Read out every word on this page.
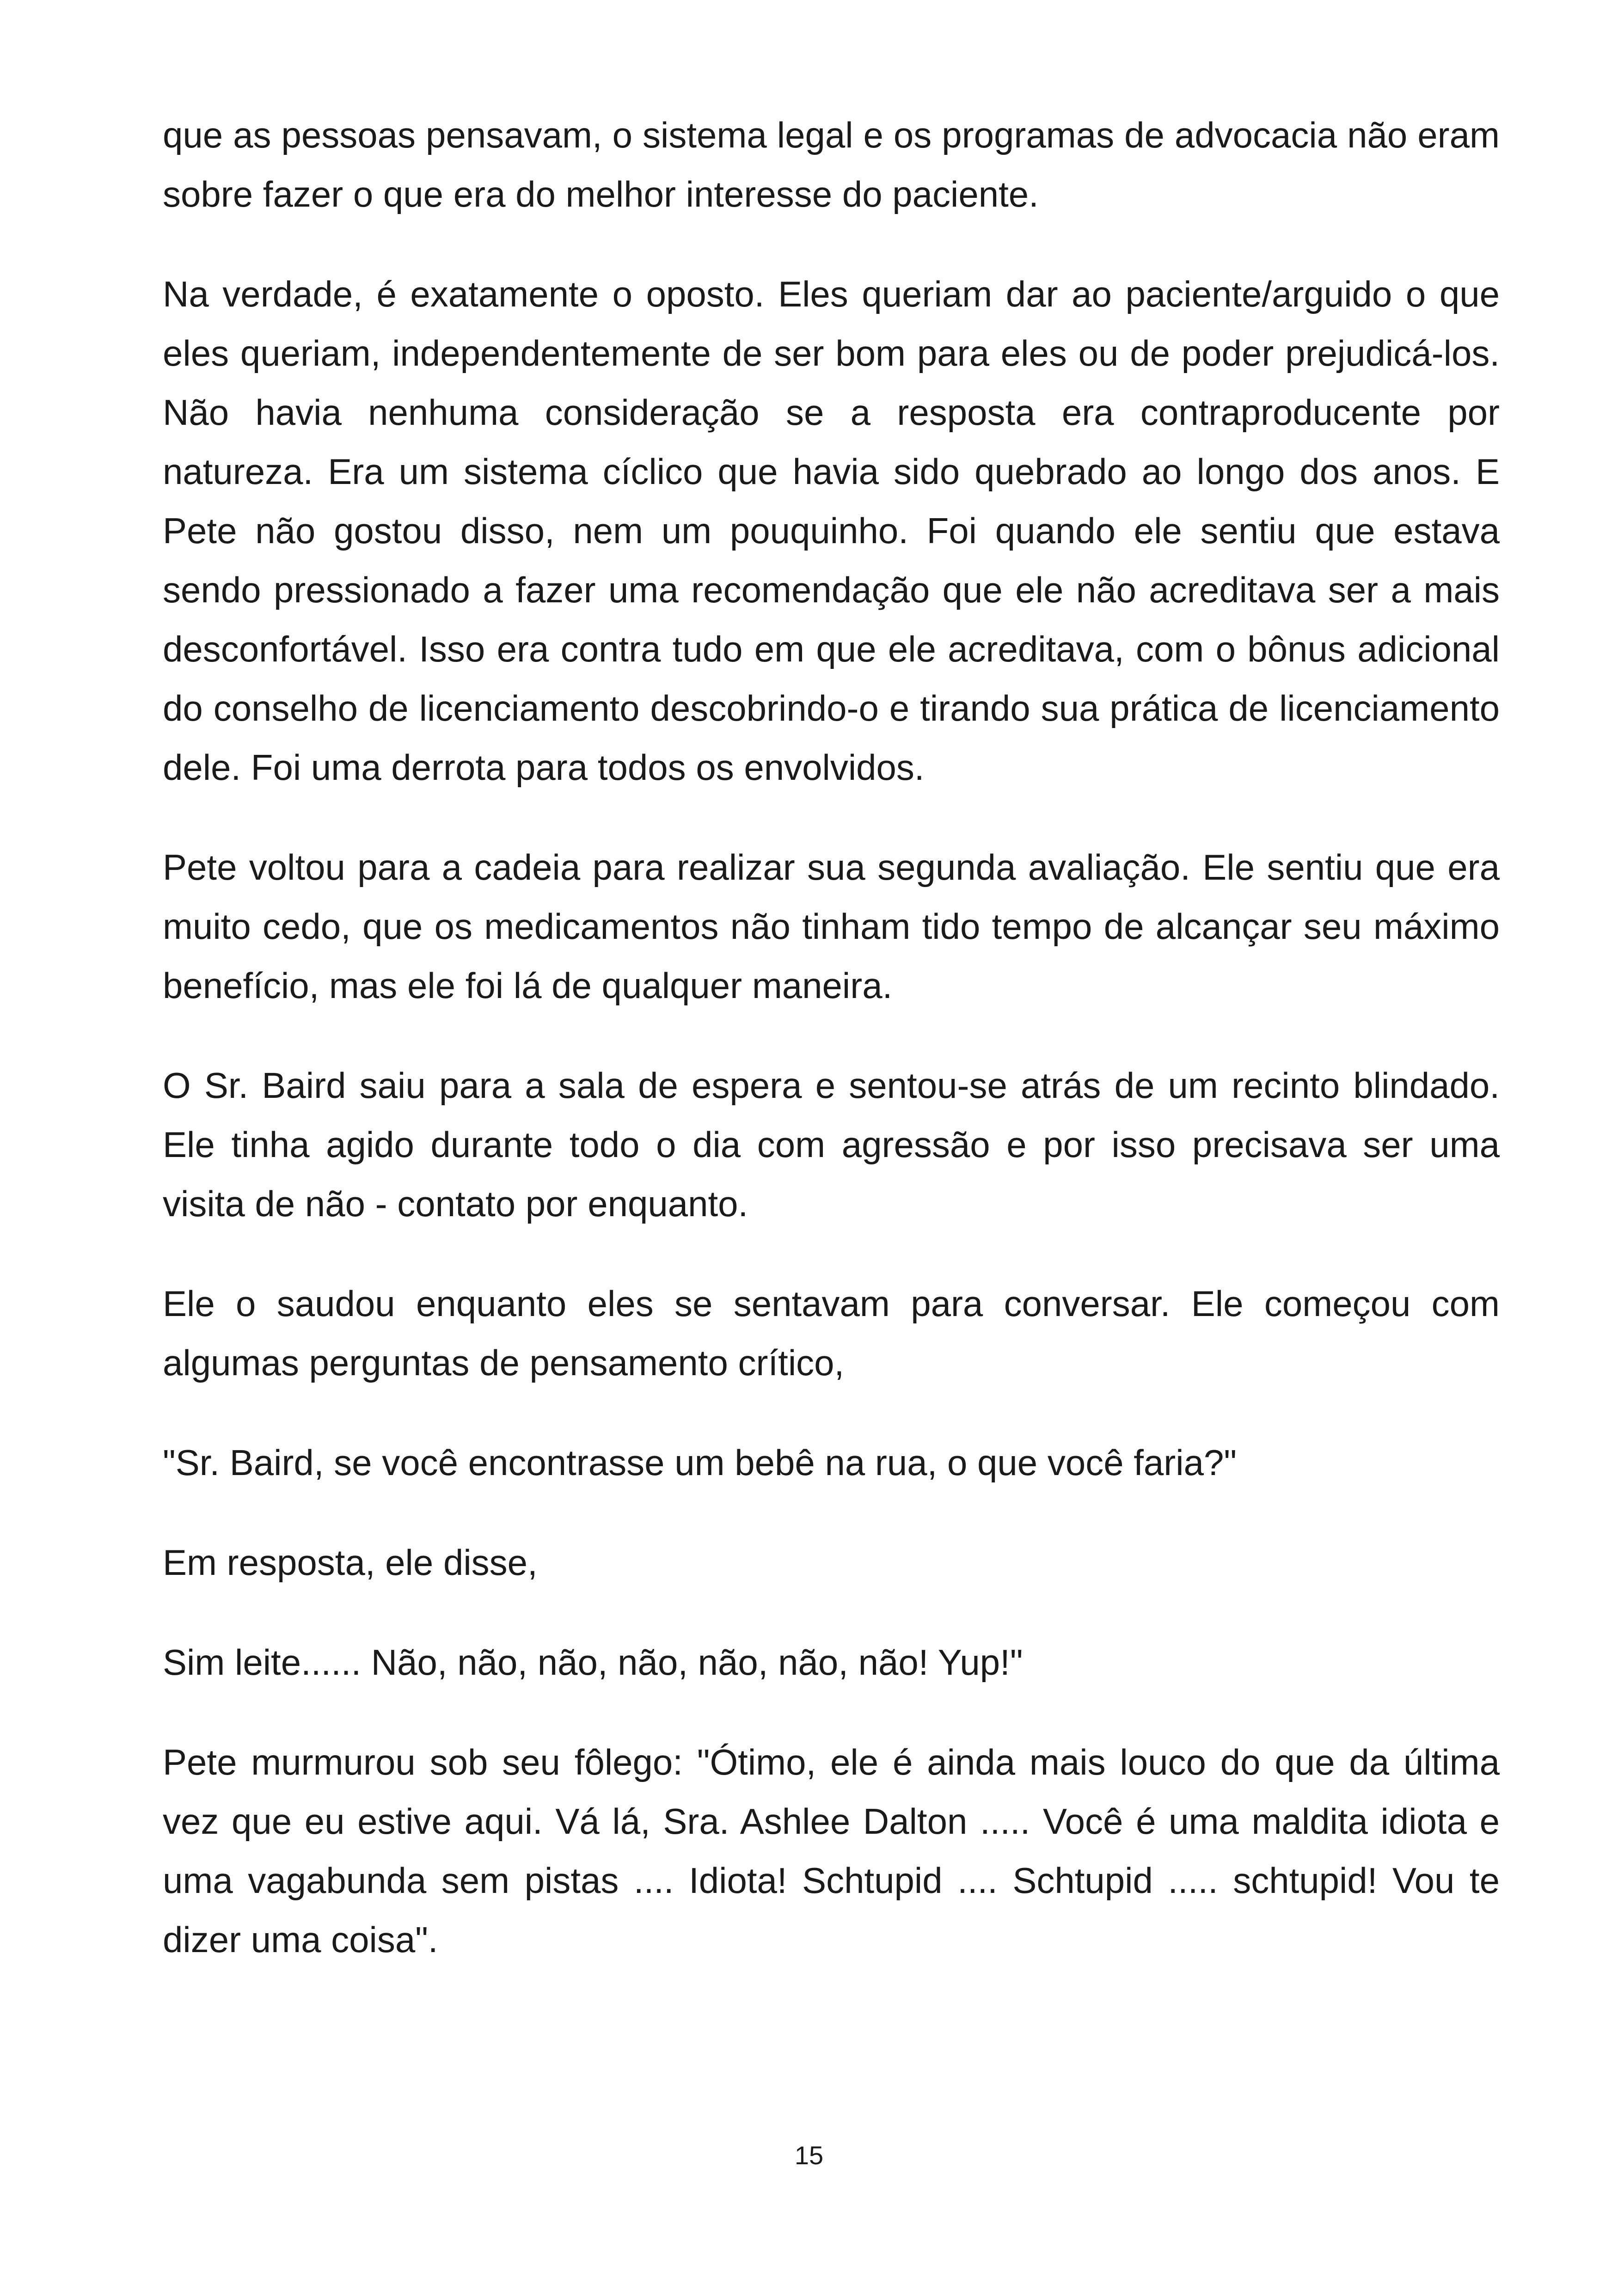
que as pessoas pensavam, o sistema legal e os programas de advocacia não eram sobre fazer o que era do melhor interesse do paciente.

Na verdade, é exatamente o oposto. Eles queriam dar ao paciente/arguido o que eles queriam, independentemente de ser bom para eles ou de poder prejudicá-los. Não havia nenhuma consideração se a resposta era contraproducente por natureza. Era um sistema cíclico que havia sido quebrado ao longo dos anos. E Pete não gostou disso, nem um pouquinho. Foi quando ele sentiu que estava sendo pressionado a fazer uma recomendação que ele não acreditava ser a mais desconfortável. Isso era contra tudo em que ele acreditava, com o bônus adicional do conselho de licenciamento descobrindo-o e tirando sua prática de licenciamento dele. Foi uma derrota para todos os envolvidos.

Pete voltou para a cadeia para realizar sua segunda avaliação. Ele sentiu que era muito cedo, que os medicamentos não tinham tido tempo de alcançar seu máximo benefício, mas ele foi lá de qualquer maneira.

O Sr. Baird saiu para a sala de espera e sentou-se atrás de um recinto blindado. Ele tinha agido durante todo o dia com agressão e por isso precisava ser uma visita de não - contato por enquanto.

Ele o saudou enquanto eles se sentavam para conversar. Ele começou com algumas perguntas de pensamento crítico,

"Sr. Baird, se você encontrasse um bebê na rua, o que você faria?"

Em resposta, ele disse,

Sim leite...... Não, não, não, não, não, não, não! Yup!"

Pete murmurou sob seu fôlego: "Ótimo, ele é ainda mais louco do que da última vez que eu estive aqui. Vá lá, Sra. Ashlee Dalton ..... Você é uma maldita idiota e uma vagabunda sem pistas .... Idiota! Schtupid .... Schtupid ..... schtupid! Vou te dizer uma coisa".

15
